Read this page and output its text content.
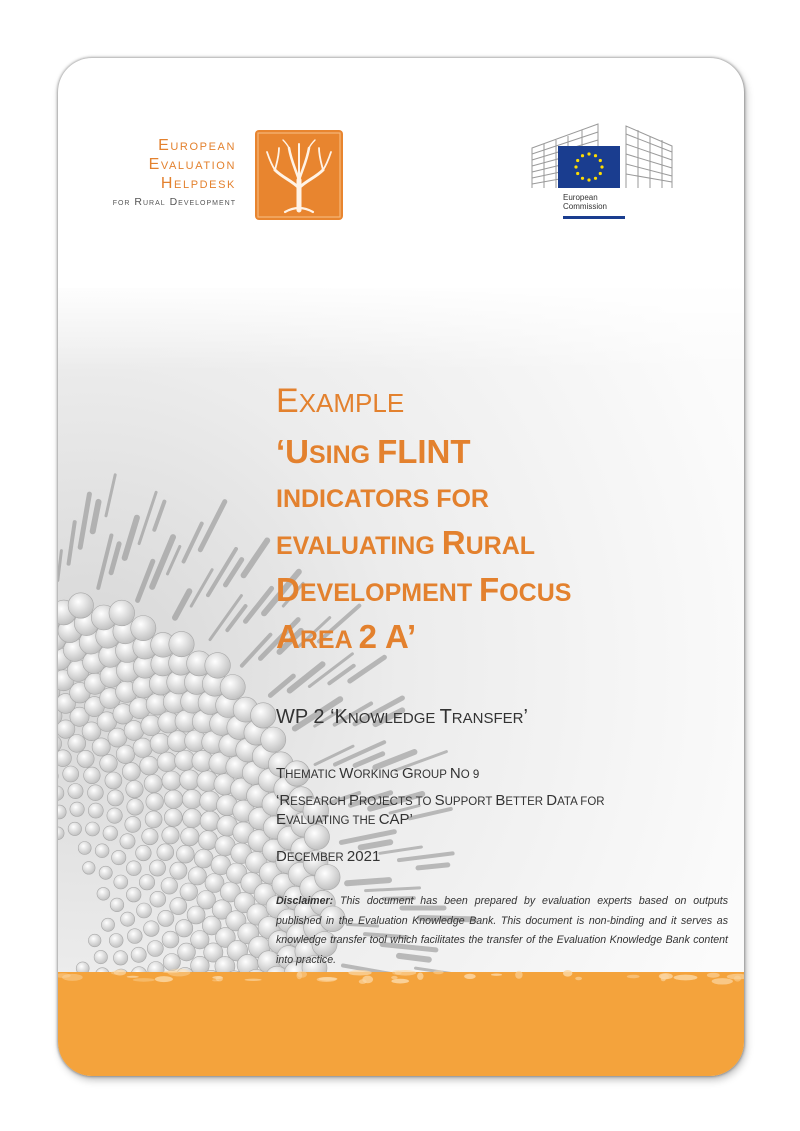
European
Evaluation
Helpdesk
for Rural Development	European
Commission
EXAMPLE
‘USING FLINT
INDICATORS FOR
EVALUATING RURAL
DEVELOPMENT FOCUS
AREA 2 A’
WP 2 ‘KNOWLEDGE TRANSFER’
THEMATIC WORKING GROUP NO 9
‘RESEARCH PROJECTS TO SUPPORT BETTER DATA FOR
EVALUATING THE CAP’
DECEMBER 2021
Disclaimer: This document has been prepared by evaluation experts based on outputs published in the Evaluation Knowledge Bank. This document is non-binding and it serves as knowledge transfer tool which facilitates the transfer of the Evaluation Knowledge Bank content into practice.
